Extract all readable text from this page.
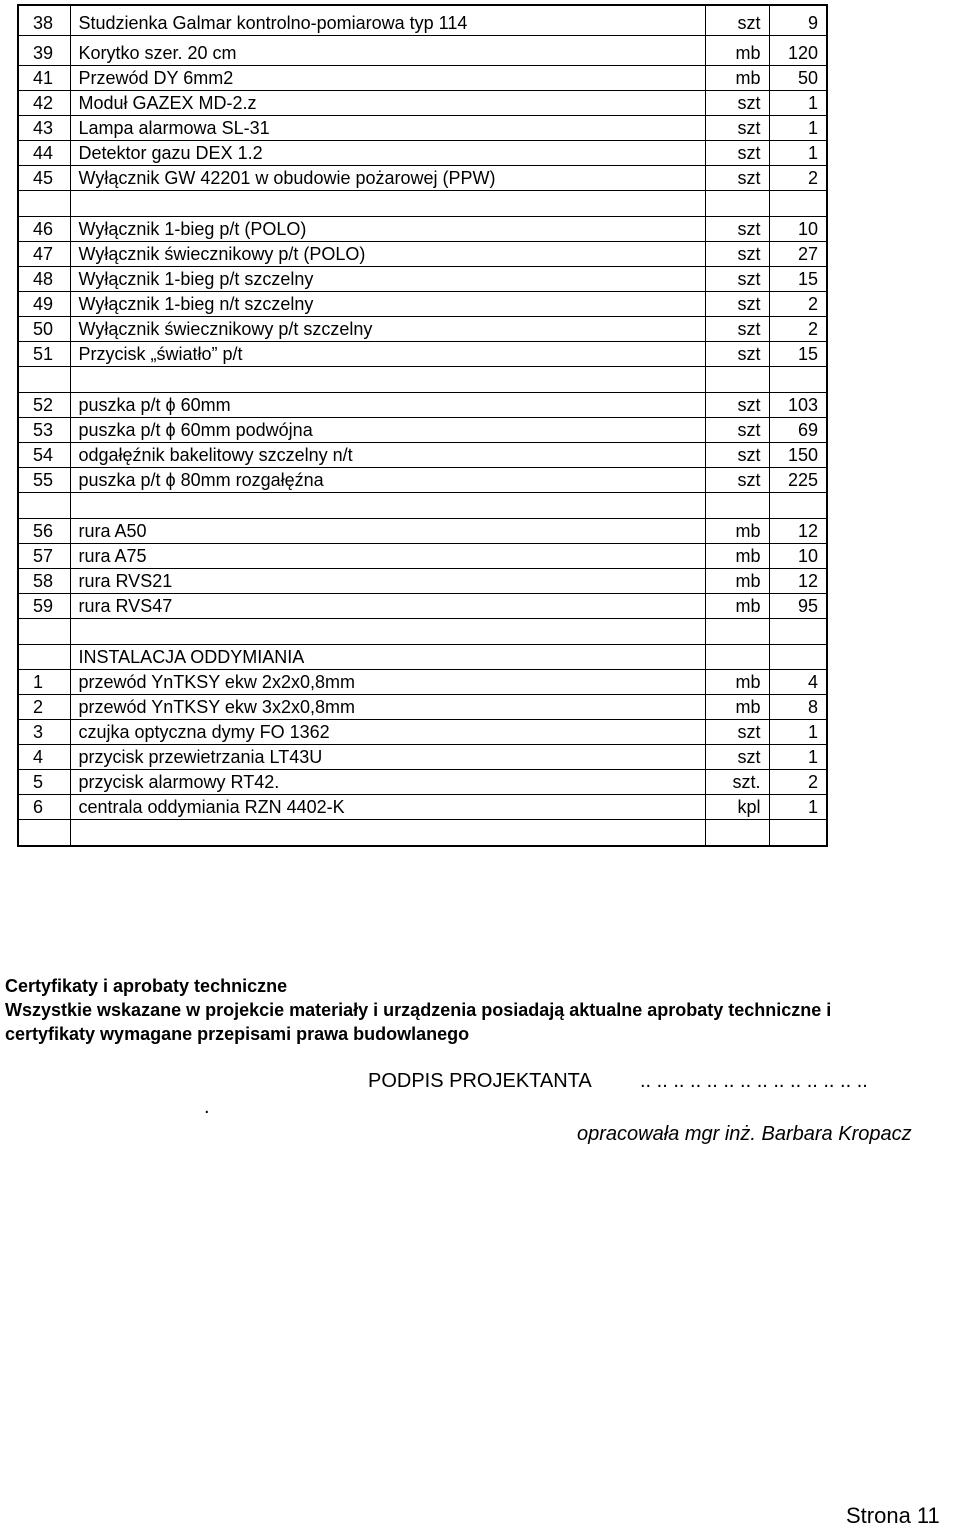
38	Studzienka Galmar kontrolno-pomiarowa typ 114	szt	9
39	Korytko szer. 20 cm	mb	120
41	Przewód DY 6mm2	mb	50
42	Moduł GAZEX MD-2.z	szt	1
43	Lampa alarmowa SL-31	szt	1
44	Detektor gazu DEX 1.2	szt	1
45	Wyłącznik GW 42201 w obudowie pożarowej (PPW)	szt	2

46	Wyłącznik 1-bieg p/t (POLO)	szt	10
47	Wyłącznik świecznikowy p/t (POLO)	szt	27
48	Wyłącznik 1-bieg p/t szczelny	szt	15
49	Wyłącznik 1-bieg n/t szczelny	szt	2
50	Wyłącznik świecznikowy p/t szczelny	szt	2
51	Przycisk „światło” p/t	szt	15

52	puszka p/t ϕ 60mm	szt	103
53	puszka p/t ϕ 60mm podwójna	szt	69
54	odgałęźnik bakelitowy szczelny n/t	szt	150
55	puszka p/t ϕ 80mm rozgałęźna	szt	225

56	rura A50	mb	12
57	rura A75	mb	10
58	rura RVS21	mb	12
59	rura RVS47	mb	95

	INSTALACJA ODDYMIANIA		
1	przewód YnTKSY ekw 2x2x0,8mm	mb	4
2	przewód YnTKSY ekw 3x2x0,8mm	mb	8
3	czujka optyczna dymy FO 1362	szt	1
4	przycisk przewietrzania LT43U	szt	1
5	przycisk alarmowy RT42.	szt.	2
6	centrala oddymiania RZN 4402-K	kpl	1

Certyfikaty i aprobaty techniczne
Wszystkie wskazane w projekcie materiały i urządzenia posiadają aktualne aprobaty techniczne i
certyfikaty wymagane przepisami prawa budowlanego
PODPIS PROJEKTANTA .. .. .. .. .. .. .. .. .. .. .. .. .. ..
.
opracowała mgr inż. Barbara Kropacz
Strona 11
